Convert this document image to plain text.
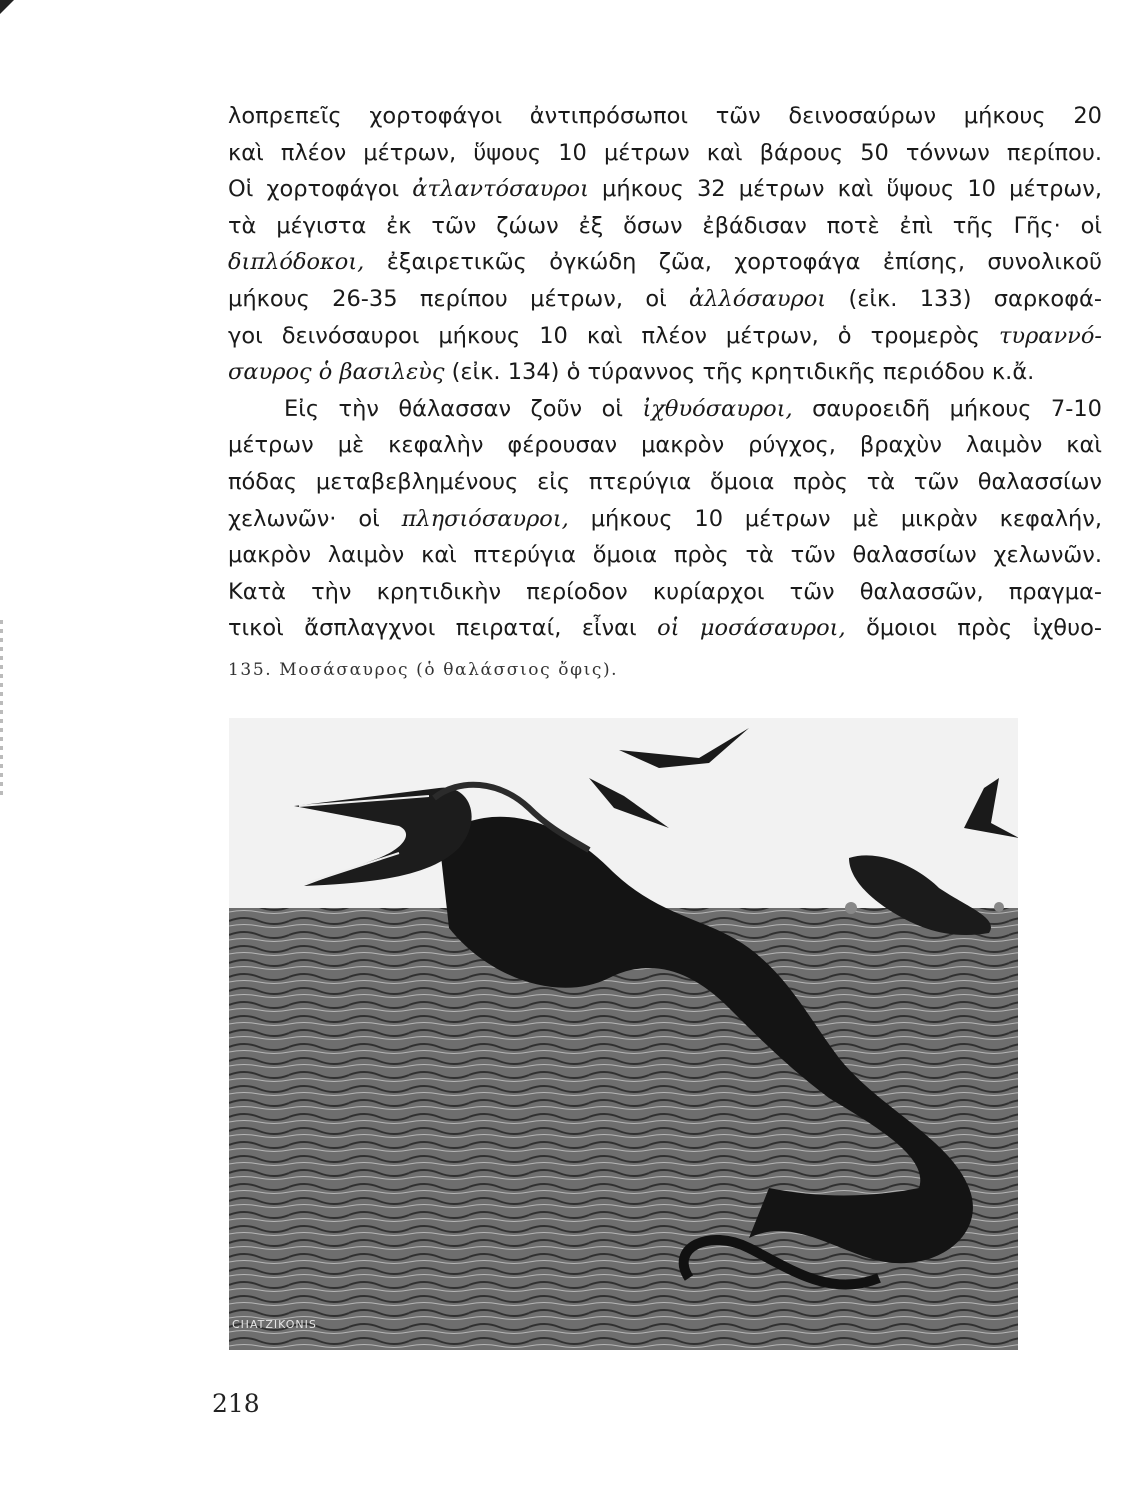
λοπρεπεῖς χορτοφάγοι ἀντιπρόσωποι τῶν δεινοσαύρων μήκους 20
καὶ πλέον μέτρων, ὕψους 10 μέτρων καὶ βάρους 50 τόννων περίπου.
Οἱ χορτοφάγοι ἀτλαντόσαυροι μήκους 32 μέτρων καὶ ὕψους 10 μέτρων,
τὰ μέγιστα ἐκ τῶν ζώων ἐξ ὅσων ἐβάδισαν ποτὲ ἐπὶ τῆς Γῆς· οἱ
διπλόδοκοι, ἐξαιρετικῶς ὀγκώδη ζῶα, χορτοφάγα ἐπίσης, συνολικοῦ
μήκους 26-35 περίπου μέτρων, οἱ ἀλλόσαυροι (εἰκ. 133) σαρκοφά-
γοι δεινόσαυροι μήκους 10 καὶ πλέον μέτρων, ὁ τρομερὸς τυραννό-
σαυρος ὁ βασιλεὺς (εἰκ. 134) ὁ τύραννος τῆς κρητιδικῆς περιόδου κ.ἄ.
Εἰς τὴν θάλασσαν ζοῦν οἱ ἰχθυόσαυροι, σαυροειδῆ μήκους 7-10
μέτρων μὲ κεφαλὴν φέρουσαν μακρὸν ρύγχος, βραχὺν λαιμὸν καὶ
πόδας μεταβεβλημένους εἰς πτερύγια ὅμοια πρὸς τὰ τῶν θαλασσίων
χελωνῶν· οἱ πλησιόσαυροι, μήκους 10 μέτρων μὲ μικρὰν κεφαλήν,
μακρὸν λαιμὸν καὶ πτερύγια ὅμοια πρὸς τὰ τῶν θαλασσίων χελωνῶν.
Κατὰ τὴν κρητιδικὴν περίοδον κυρίαρχοι τῶν θαλασσῶν, πραγμα-
τικοὶ ἄσπλαγχνοι πειραταί, εἶναι οἱ μοσάσαυροι, ὅμοιοι πρὸς ἰχθυο-
135. Μοσάσαυρος (ὁ θαλάσσιος ὄφις).
CHATZIKONIS
218
